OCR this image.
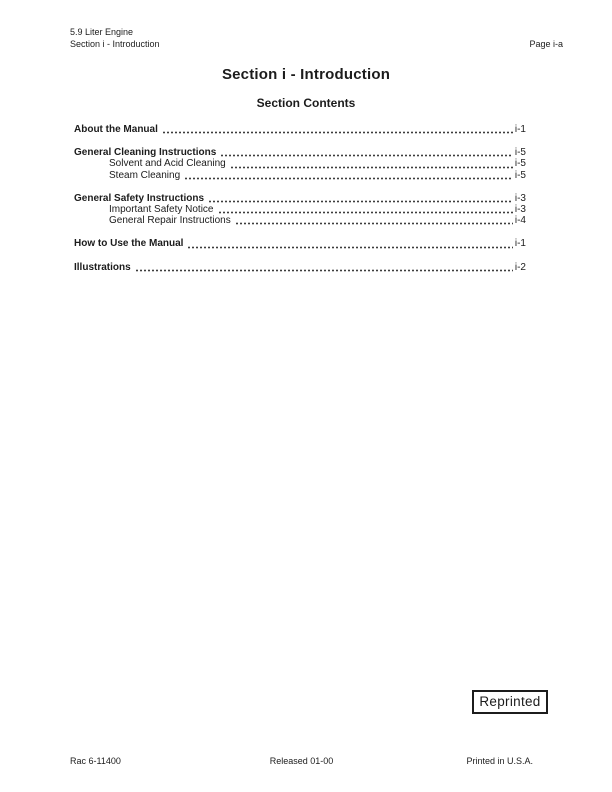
5.9 Liter Engine
Section i - Introduction	Page i-a
Section i - Introduction
Section Contents
About the Manual	i-1
General Cleaning Instructions	i-5
Solvent and Acid Cleaning	i-5
Steam Cleaning	i-5
General Safety Instructions	i-3
Important Safety Notice	i-3
General Repair Instructions	i-4
How to Use the Manual	i-1
Illustrations	i-2
Reprinted
Rac 6-11400	Released 01-00	Printed in U.S.A.
